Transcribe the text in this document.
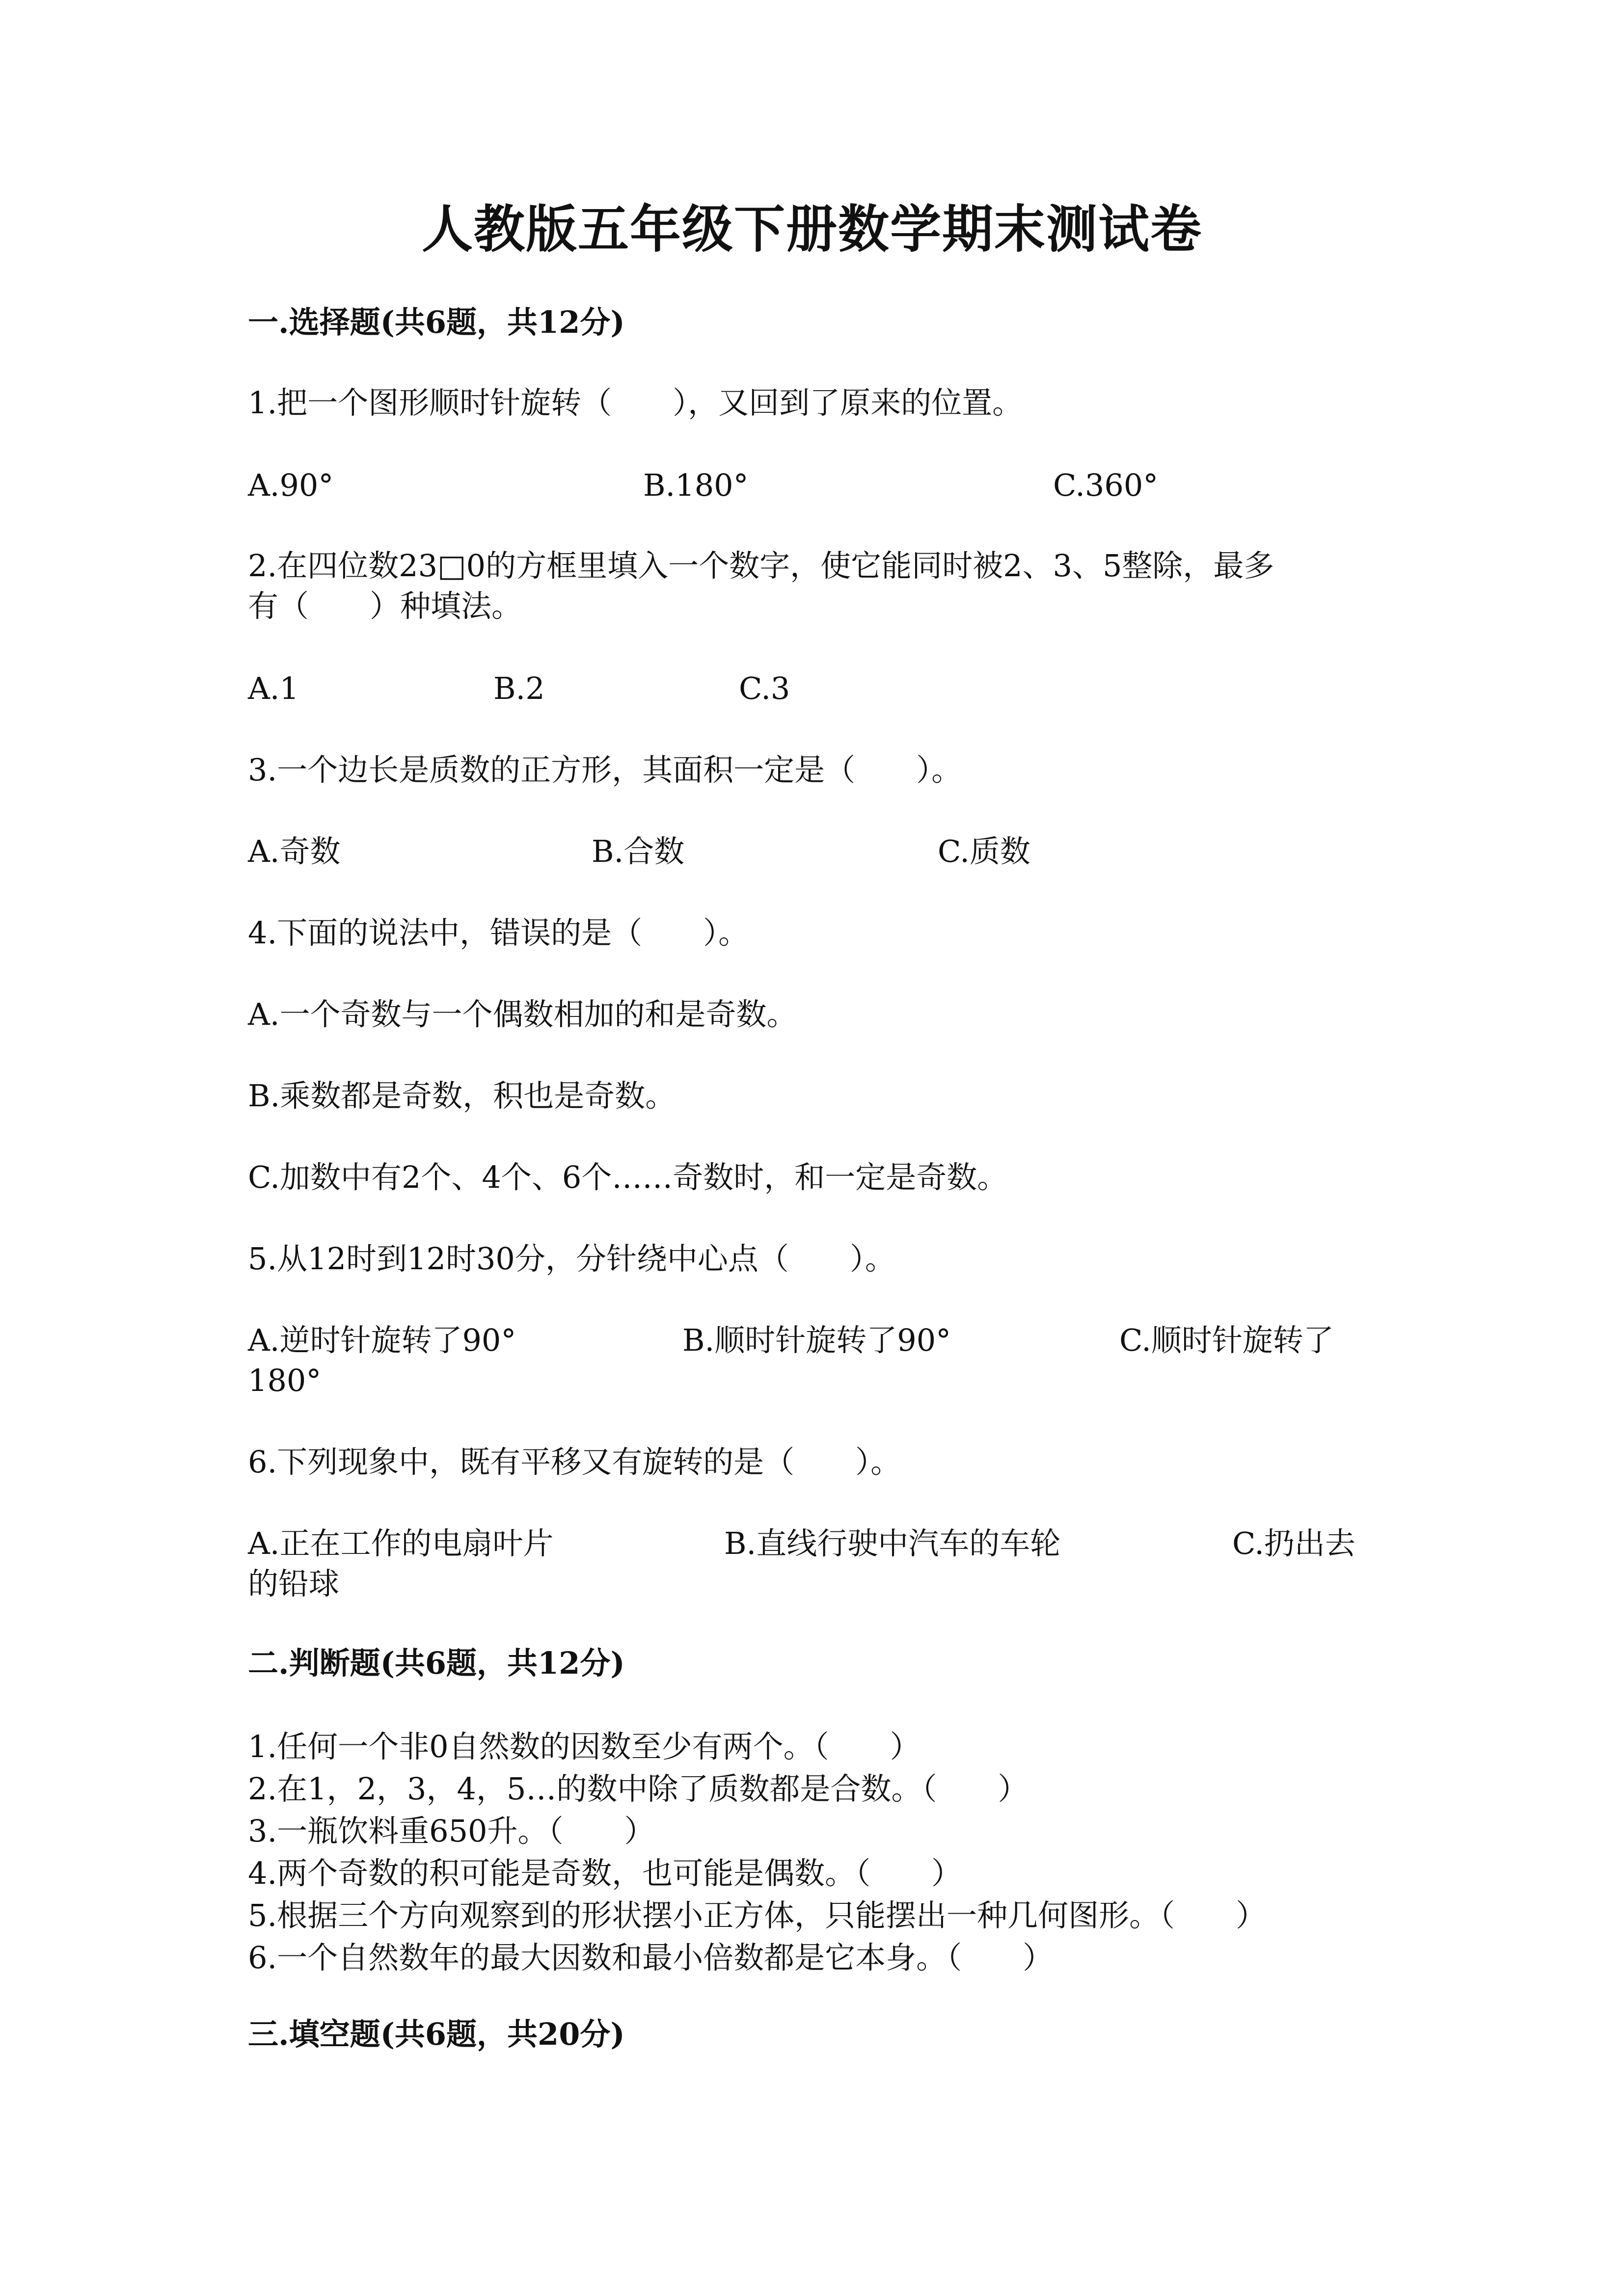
人教版五年级下册数学期末测试卷
一.选择题(共6题，共12分)
1.把一个图形顺时针旋转（　　），又回到了原来的位置。
A.90°	B.180°	C.360°
2.在四位数23□0的方框里填入一个数字，使它能同时被2、3、5整除，最多
有（　　）种填法。
A.1	B.2	C.3
3.一个边长是质数的正方形，其面积一定是（　　）。
A.奇数	B.合数	C.质数
4.下面的说法中，错误的是（　　）。
A.一个奇数与一个偶数相加的和是奇数。
B.乘数都是奇数，积也是奇数。
C.加数中有2个、4个、6个……奇数时，和一定是奇数。
5.从12时到12时30分，分针绕中心点（　　）。
A.逆时针旋转了90°	B.顺时针旋转了90°	C.顺时针旋转了
180°
6.下列现象中，既有平移又有旋转的是（　　）。
A.正在工作的电扇叶片	B.直线行驶中汽车的车轮	C.扔出去
的铅球
二.判断题(共6题，共12分)
1.任何一个非0自然数的因数至少有两个。（　　）
2.在1，2，3，4，5…的数中除了质数都是合数。（　　）
3.一瓶饮料重650升。（　　）
4.两个奇数的积可能是奇数，也可能是偶数。（　　）
5.根据三个方向观察到的形状摆小正方体，只能摆出一种几何图形。（　　）
6.一个自然数年的最大因数和最小倍数都是它本身。（　　）
三.填空题(共6题，共20分)
